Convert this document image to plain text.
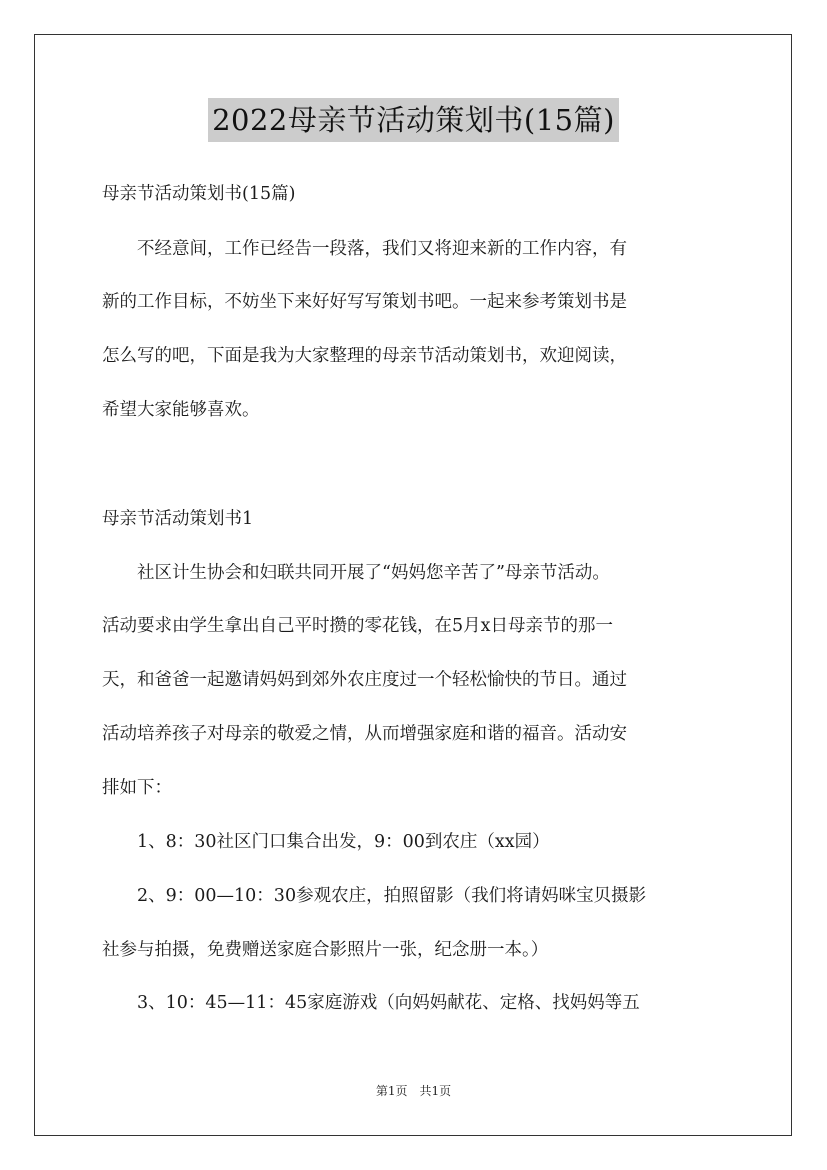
2022母亲节活动策划书(15篇)
母亲节活动策划书(15篇)
　　不经意间，工作已经告一段落，我们又将迎来新的工作内容，有
新的工作目标，不妨坐下来好好写写策划书吧。一起来参考策划书是
怎么写的吧，下面是我为大家整理的母亲节活动策划书，欢迎阅读，
希望大家能够喜欢。
母亲节活动策划书1
　　社区计生协会和妇联共同开展了“妈妈您辛苦了”母亲节活动。
活动要求由学生拿出自己平时攒的零花钱，在5月x日母亲节的那一
天，和爸爸一起邀请妈妈到郊外农庄度过一个轻松愉快的节日。通过
活动培养孩子对母亲的敬爱之情，从而增强家庭和谐的福音。活动安
排如下：
　　1、8：30社区门口集合出发，9：00到农庄（xx园）
　　2、9：00—10：30参观农庄，拍照留影（我们将请妈咪宝贝摄影
社参与拍摄，免费赠送家庭合影照片一张，纪念册一本。）
　　3、10：45—11：45家庭游戏（向妈妈献花、定格、找妈妈等五
第1页　共1页
